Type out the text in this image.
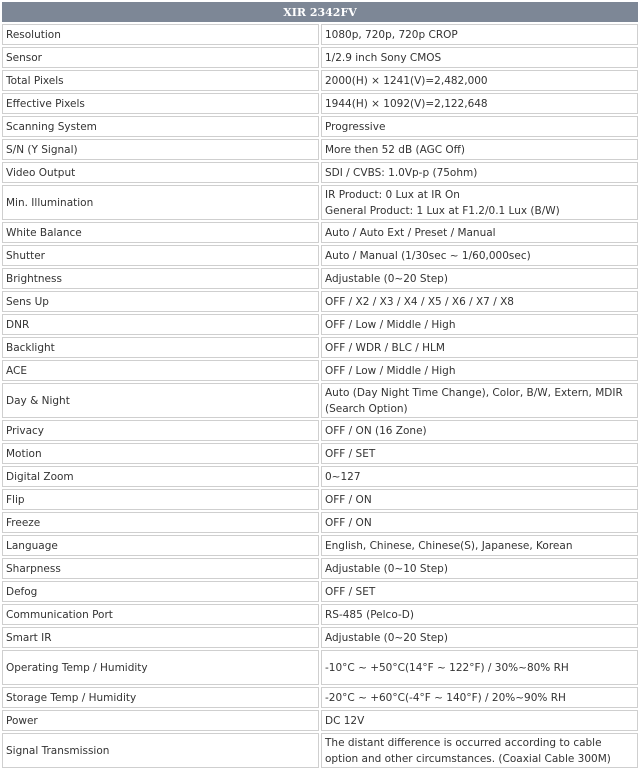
XIR 2342FV	
Resolution	1080p, 720p, 720p CROP

Sensor	1/2.9 inch Sony CMOS

Total Pixels	2000(H) × 1241(V)=2,482,000

Effective Pixels	1944(H) × 1092(V)=2,122,648

Scanning System	Progressive

S/N (Y Signal)	More then 52 dB (AGC Off)

Video Output	SDI / CVBS: 1.0Vp-p (75ohm)

Min. Illumination	IR Product: 0 Lux at IR On
General Product: 1 Lux at F1.2/0.1 Lux (B/W)

White Balance	Auto / Auto Ext / Preset / Manual

Shutter	Auto / Manual (1/30sec ~ 1/60,000sec)

Brightness	Adjustable (0~20 Step)

Sens Up	OFF / X2 / X3 / X4 / X5 / X6 / X7 / X8

DNR	OFF / Low / Middle / High

Backlight	OFF / WDR / BLC / HLM

ACE	OFF / Low / Middle / High

Day & Night	Auto (Day Night Time Change), Color, B/W, Extern, MDIR (Search Option)

Privacy	OFF / ON (16 Zone)

Motion	OFF / SET

Digital Zoom	0~127

Flip	OFF / ON

Freeze	OFF / ON

Language	English, Chinese, Chinese(S), Japanese, Korean

Sharpness	Adjustable (0~10 Step)

Defog	OFF / SET

Communication Port	RS-485 (Pelco-D)

Smart IR	Adjustable (0~20 Step)

Operating Temp / Humidity	-10°C ~ +50°C(14°F ~ 122°F) / 30%~80% RH

Storage Temp / Humidity	-20°C ~ +60°C(-4°F ~ 140°F) / 20%~90% RH

Power	DC 12V

Signal Transmission	The distant difference is occurred according to cable option and other circumstances. (Coaxial Cable 300M)
